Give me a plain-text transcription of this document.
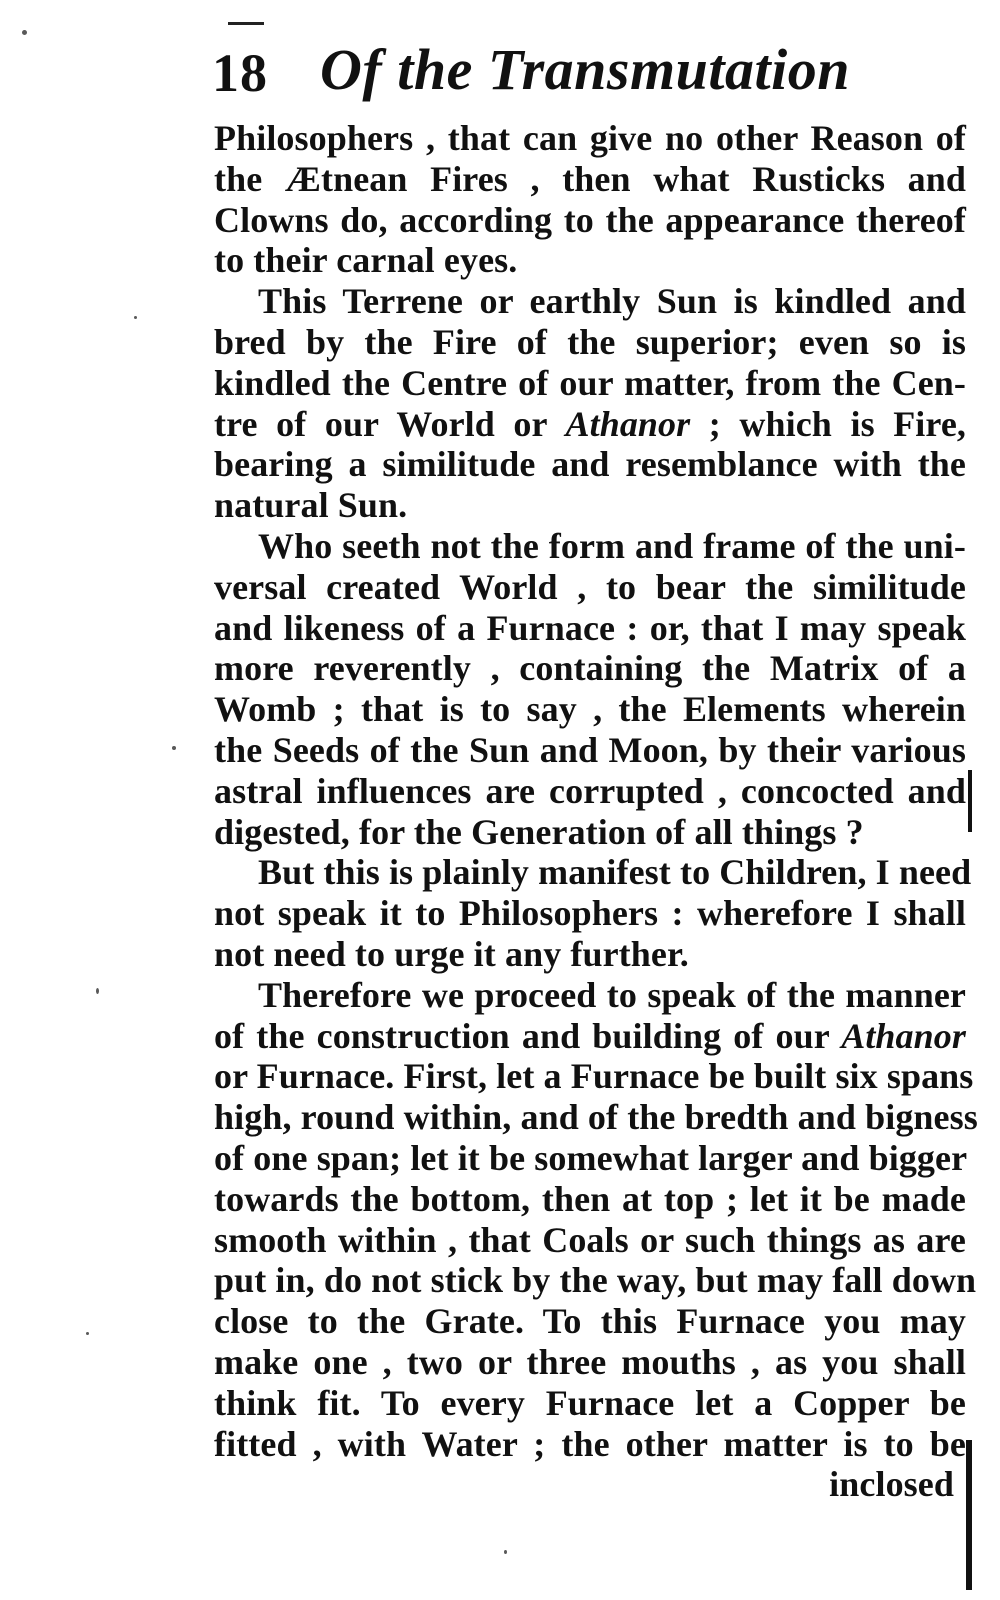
18 Of the Transmutation
Philosophers , that can give no other Reason of
the Ætnean Fires , then what Rusticks and
Clowns do, according to the appearance thereof
to their carnal eyes.
This Terrene or earthly Sun is kindled and
bred by the Fire of the superior; even so is
kindled the Centre of our matter, from the Cen-
tre of our World or Athanor ; which is Fire,
bearing a similitude and resemblance with the
natural Sun.
Who seeth not the form and frame of the uni-
versal created World , to bear the similitude
and likeness of a Furnace : or, that I may speak
more reverently , containing the Matrix of a
Womb ; that is to say , the Elements wherein
the Seeds of the Sun and Moon, by their various
astral influences are corrupted , concocted and
digested, for the Generation of all things ?
But this is plainly manifest to Children, I need
not speak it to Philosophers : wherefore I shall
not need to urge it any further.
Therefore we proceed to speak of the manner
of the construction and building of our Athanor
or Furnace. First, let a Furnace be built six spans
high, round within, and of the bredth and bigness
of one span; let it be somewhat larger and bigger
towards the bottom, then at top ; let it be made
smooth within , that Coals or such things as are
put in, do not stick by the way, but may fall down
close to the Grate. To this Furnace you may
make one , two or three mouths , as you shall
think fit. To every Furnace let a Copper be
fitted , with Water ; the other matter is to be
inclosed
